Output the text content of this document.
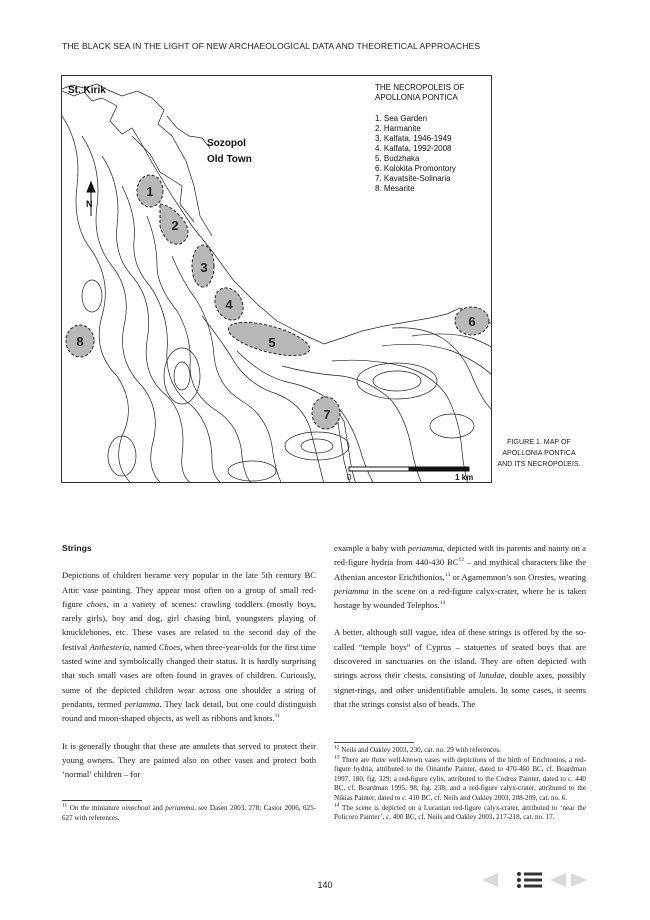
THE BLACK SEA IN THE LIGHT OF NEW ARCHAEOLOGICAL DATA AND THEORETICAL APPROACHES
1
2
3
4
5
6
7
8
St. Kirik
Sozopol
Old Town
N
THE NECROPOLEIS OF
APOLLONIA PONTICA
1. Sea Garden
2. Harmanite
3. Kalfata, 1946-1949
4. Kalfata, 1992-2008
5. Budzhaka
6. Kolokita Promontory
7. Kavatsite-Solinaria
8. Mesarite
0	1 km
FIGURE 1. MAP OF APOLLONIA PONTICA AND ITS NECROPOLEIS.
Strings

Depictions of children became very popular in the late 5th century BC Attic vase painting. They appear most often on a group of small red-figure choes, in a variety of scenes: crawling toddlers (mostly boys, rarely girls), boy and dog, girl chasing bird, youngsters playing of knucklebones, etc. These vases are related to the second day of the festival Anthesteria, named Choes, when three-year-olds for the first time tasted wine and symbolically changed their status. It is hardly surprising that such small vases are often found in graves of children. Curiously, some of the depicted children wear across one shoulder a string of pendants, termed periamma. They lack detail, but one could distinguish round and moon-shaped objects, as well as ribbons and knots.$^{11}$

It is generally thought that these are amulets that served to protect their young owners. They are painted also on other vases and protect both ‘normal’ children – for

example a baby with periamma, depicted with its parents and nanny on a red-figure hydria from 440-430 BC$^{12}$ – and mythical characters like the Athenian ancestor Erichthonios,$^{13}$ or Agamemnon’s son Orestes, wearing periamma in the scene on a red-figure calyx-crater, where he is taken hostage by wounded Telephos.$^{14}$

A better, although still vague, idea of these strings is offered by the so-called “temple boys” of Cyprus – statuettes of seated boys that are discovered in sanctuaries on the island. They are often depicted with strings across their chests, consisting of lunulae, double axes, possibly signet-rings, and other unidentifiable amulets. In some cases, it seems that the strings consist also of beads. The

$^{11}$ On the miniature oinochoai and periamma, see Dasen 2003, 278; Castor 2006, 625-627 with references.

$^{12}$ Neils and Oakley 2003, 230, cat. no. 29 with references.

$^{13}$ There are three well-known vases with depictions of the birth of Erichtonios, a red-figure hydria, attributed to the Oinanthe Painter, dated to 470-460 BC, cf. Boardman 1997, 180, fig. 329; a red-figure cylix, attributed to the Codrus Painter, dated to c. 440 BC, cf. Boardman 1995, 98, fig. 238; and a red-figure calyx-crater, attributed to the Nikias Painter, dated to c. 410 BC, cf. Neils and Oakley 2003, 208-209, cat. no. 6.

$^{14}$ The scene is depicted on a Lucanian red-figure calyx-crater, attributed to ‘near the Policoro Painter’, c. 400 BC, cf. Neils and Oakley 2003, 217-218, cat. no. 17.

140
